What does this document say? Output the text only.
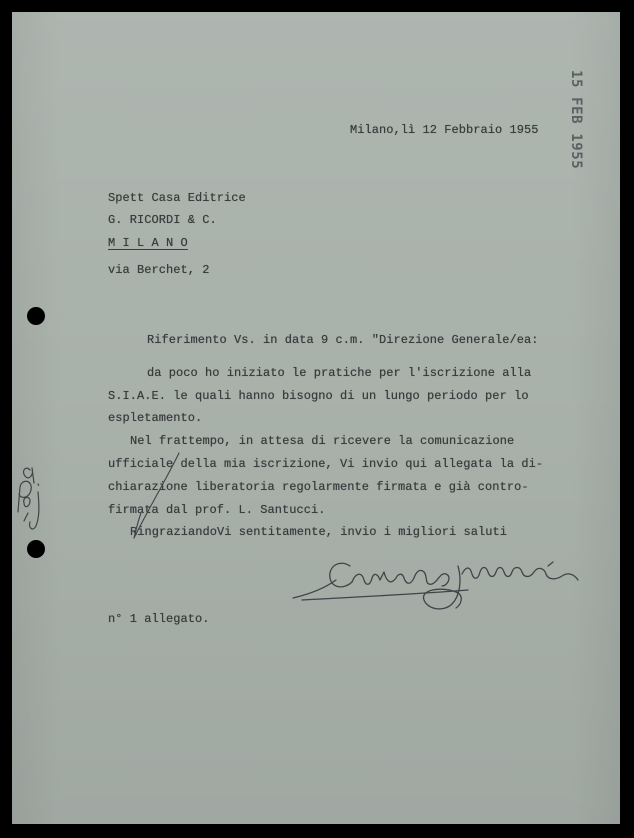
15 FEB 1955
Milano,lì 12 Febbraio 1955
Spett Casa Editrice
G. RICORDI & C.
M I L A N O
via Berchet, 2
Riferimento Vs. in data 9 c.m. "Direzione Generale/ea:
da poco ho iniziato le pratiche per l'iscrizione alla
S.I.A.E. le quali hanno bisogno di un lungo periodo per lo
espletamento.
Nel frattempo, in attesa di ricevere la comunicazione
ufficiale della mia iscrizione, Vi invio qui allegata la di-
chiarazione liberatoria regolarmente firmata e già contro-
firmata dal prof. L. Santucci.
RingraziandoVi sentitamente, invio i migliori saluti
n° 1 allegato.
